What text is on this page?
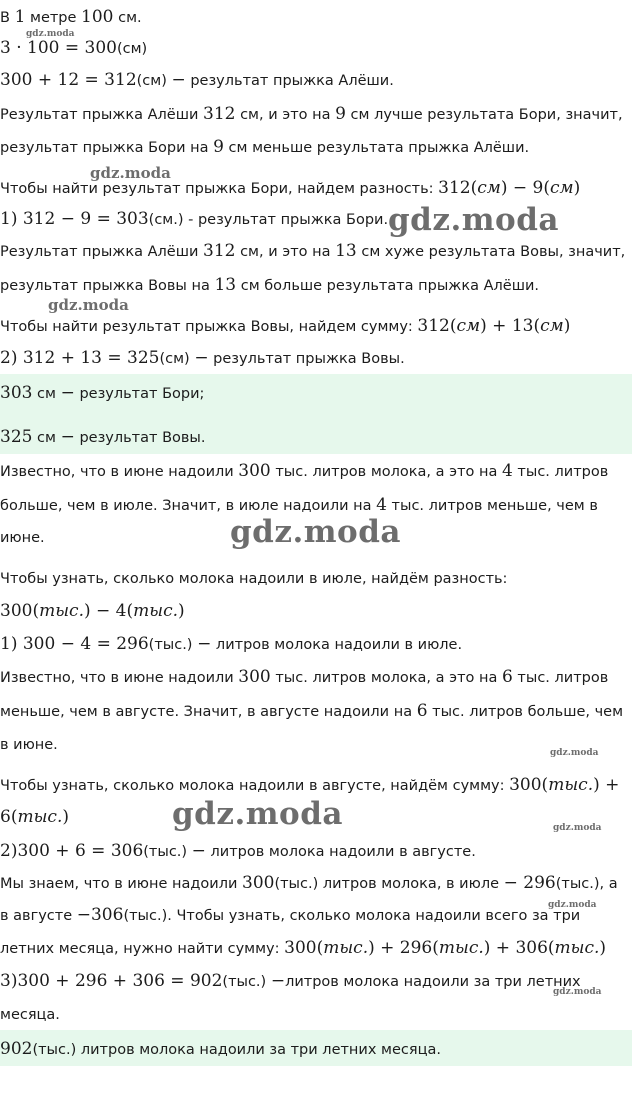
В 1 метре 100 см.

3 · 100 = 300(см)

300 + 12 = 312(см) − результат прыжка Алёши.

Результат прыжка Алёши 312 см, и это на 9 см лучше результата Бори, значит,

результат прыжка Бори на 9 см меньше результата прыжка Алёши.

Чтобы найти результат прыжка Бори, найдем разность: 312(см) − 9(см)

1) 312 − 9 = 303(см.) - результат прыжка Бори.

Результат прыжка Алёши 312 см, и это на 13 см хуже результата Вовы, значит,

результат прыжка Вовы на 13 см больше результата прыжка Алёши.

Чтобы найти результат прыжка Вовы, найдем сумму: 312(см) + 13(см)

2) 312 + 13 = 325(см) − результат прыжка Вовы.

303 см − результат Бори;

325 см − результат Вовы.

Известно, что в июне надоили 300 тыс. литров молока, а это на 4 тыс. литров

больше, чем в июле. Значит, в июле надоили на 4 тыс. литров меньше, чем в

июне.

Чтобы узнать, сколько молока надоили в июле, найдём разность:

300(тыс.) − 4(тыс.)

1) 300 − 4 = 296(тыс.) − литров молока надоили в июле.

Известно, что в июне надоили 300 тыс. литров молока, а это на 6 тыс. литров

меньше, чем в августе. Значит, в августе надоили на 6 тыс. литров больше, чем

в июне.

Чтобы узнать, сколько молока надоили в августе, найдём сумму: 300(тыс.) +

6(тыс.)

2)300 + 6 = 306(тыс.) − литров молока надоили в августе.

Мы знаем, что в июне надоили 300(тыс.) литров молока, в июле − 296(тыс.), а

в августе −306(тыс.). Чтобы узнать, сколько молока надоили всего за три

летних месяца, нужно найти сумму: 300(тыс.) + 296(тыс.) + 306(тыс.)

3)300 + 296 + 306 = 902(тыс.) −литров молока надоили за три летних

месяца.

902(тыс.) литров молока надоили за три летних месяца.

gdz.moda
gdz.moda
gdz.moda
gdz.moda
gdz.moda
gdz.moda
gdz.moda	gdz.moda
gdz.moda
gdz.moda
